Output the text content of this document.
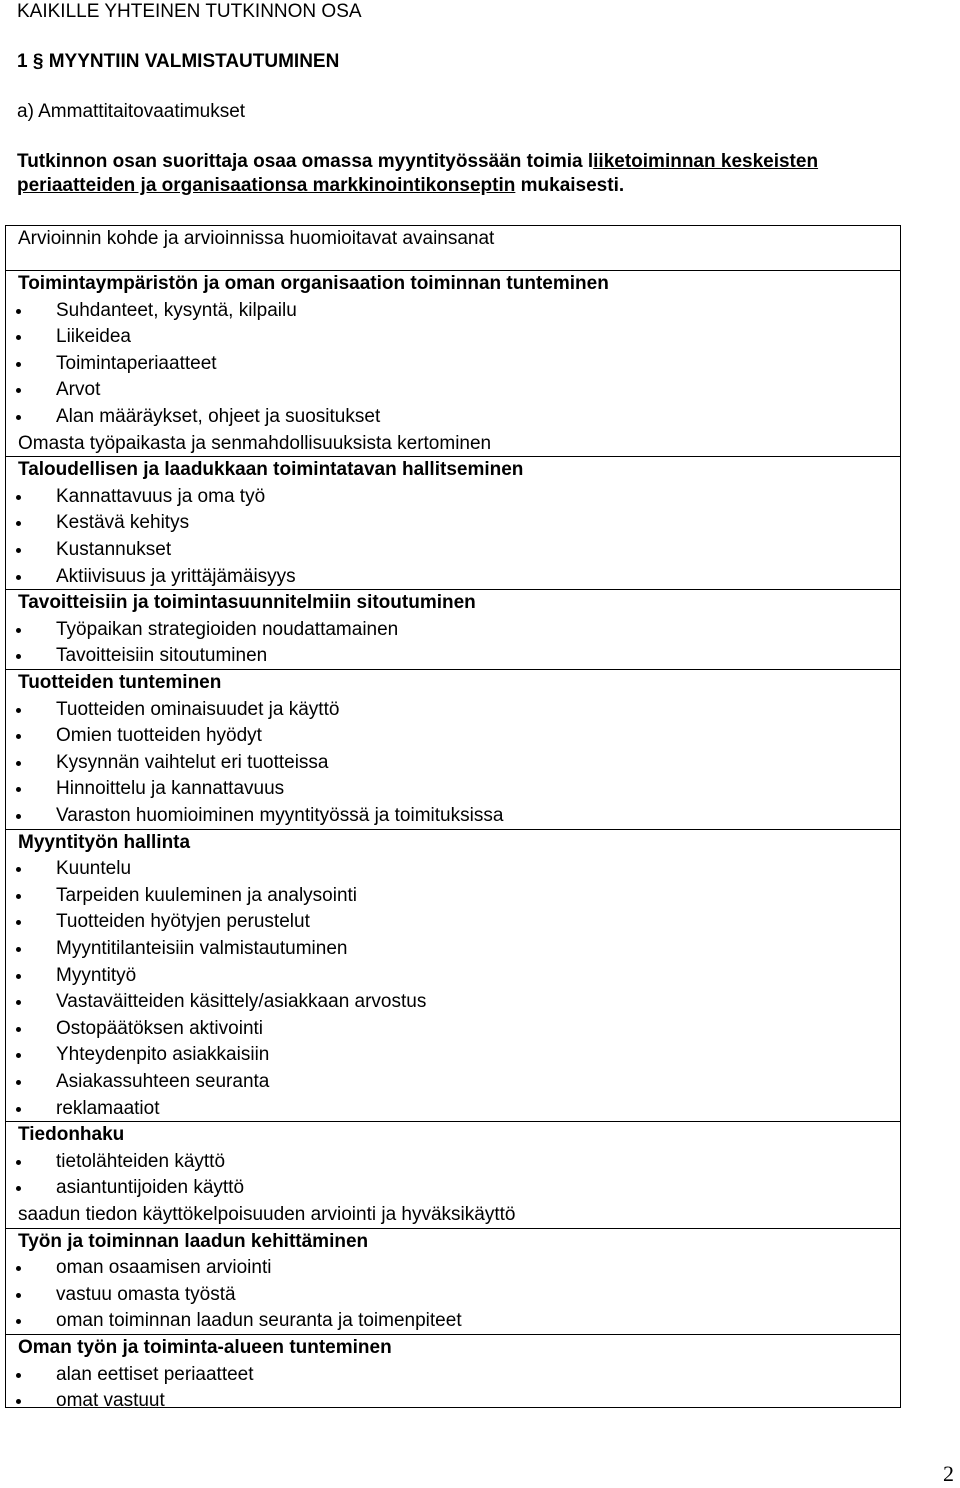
KAIKILLE YHTEINEN TUTKINNON OSA
1 § MYYNTIIN VALMISTAUTUMINEN
a) Ammattitaitovaatimukset
Tutkinnon osan suorittaja osaa omassa myyntityössään toimia liiketoiminnan keskeisten
periaatteiden ja organisaationsa markkinointikonseptin mukaisesti.
Arvioinnin kohde ja arvioinnissa huomioitavat avainsanat
Toimintaympäristön ja oman organisaation toiminnan tunteminen
Suhdanteet, kysyntä, kilpailu
Liikeidea
Toimintaperiaatteet
Arvot
Alan määräykset, ohjeet ja suositukset
Omasta työpaikasta ja senmahdollisuuksista kertominen
Taloudellisen ja laadukkaan toimintatavan hallitseminen
Kannattavuus ja oma työ
Kestävä kehitys
Kustannukset
Aktiivisuus ja yrittäjämäisyys
Tavoitteisiin ja toimintasuunnitelmiin sitoutuminen
Työpaikan strategioiden noudattamainen
Tavoitteisiin sitoutuminen
Tuotteiden tunteminen
Tuotteiden ominaisuudet ja käyttö
Omien tuotteiden hyödyt
Kysynnän vaihtelut eri tuotteissa
Hinnoittelu ja kannattavuus
Varaston huomioiminen myyntityössä ja toimituksissa
Myyntityön hallinta
Kuuntelu
Tarpeiden kuuleminen ja analysointi
Tuotteiden hyötyjen perustelut
Myyntitilanteisiin valmistautuminen
Myyntityö
Vastaväitteiden käsittely/asiakkaan arvostus
Ostopäätöksen aktivointi
Yhteydenpito asiakkaisiin
Asiakassuhteen seuranta
reklamaatiot
Tiedonhaku
tietolähteiden käyttö
asiantuntijoiden käyttö
saadun tiedon käyttökelpoisuuden arviointi ja hyväksikäyttö
Työn ja toiminnan laadun kehittäminen
oman osaamisen arviointi
vastuu omasta työstä
oman toiminnan laadun seuranta ja toimenpiteet
Oman työn ja toiminta-alueen tunteminen
alan eettiset periaatteet
omat vastuut
2
